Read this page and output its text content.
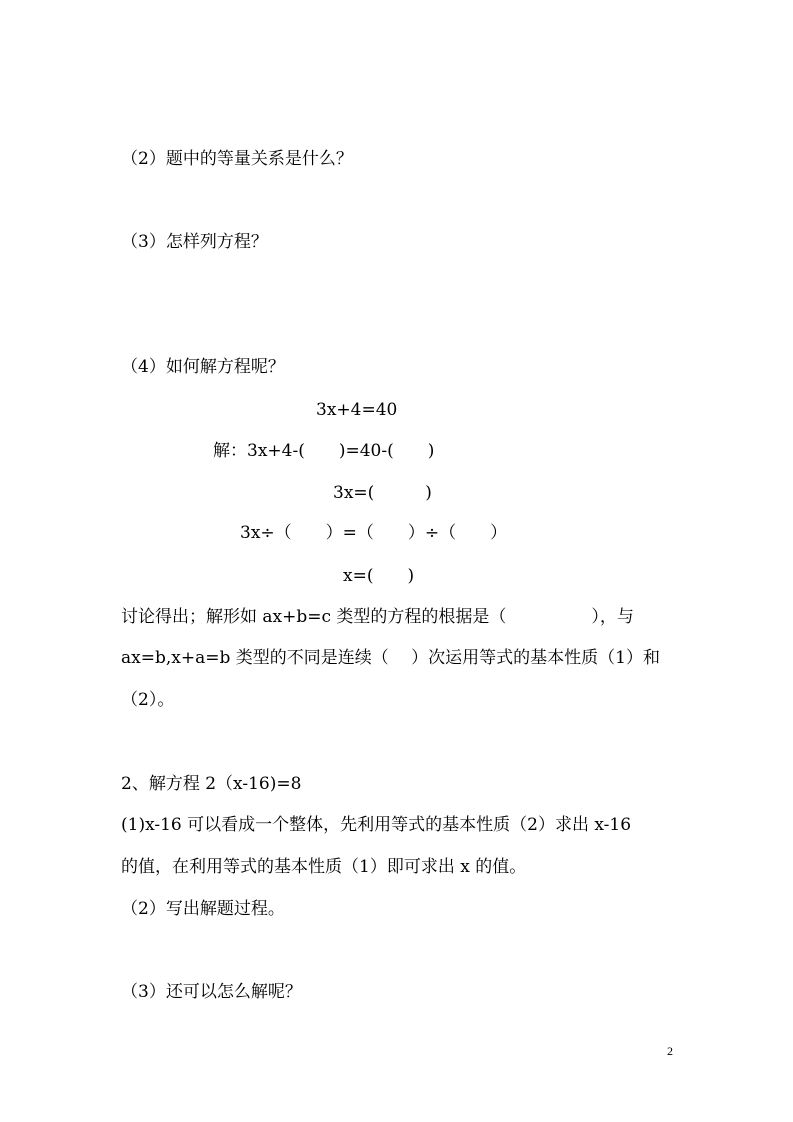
（2）题中的等量关系是什么？
（3）怎样列方程？
（4）如何解方程呢？
3x+4=40
解：3x+4-(　　)=40-(　　)
3x=(　　　)
3x÷（　　）=（　　）÷（　　）
x=(　　)
讨论得出；解形如 ax+b=c 类型的方程的根据是（　　　　　），与
ax=b,x+a=b 类型的不同是连续（　 ）次运用等式的基本性质（1）和
（2）。
2、解方程 2（x-16)=8
(1)x-16 可以看成一个整体，先利用等式的基本性质（2）求出 x-16
的值，在利用等式的基本性质（1）即可求出 x 的值。
（2）写出解题过程。
（3）还可以怎么解呢？
2
